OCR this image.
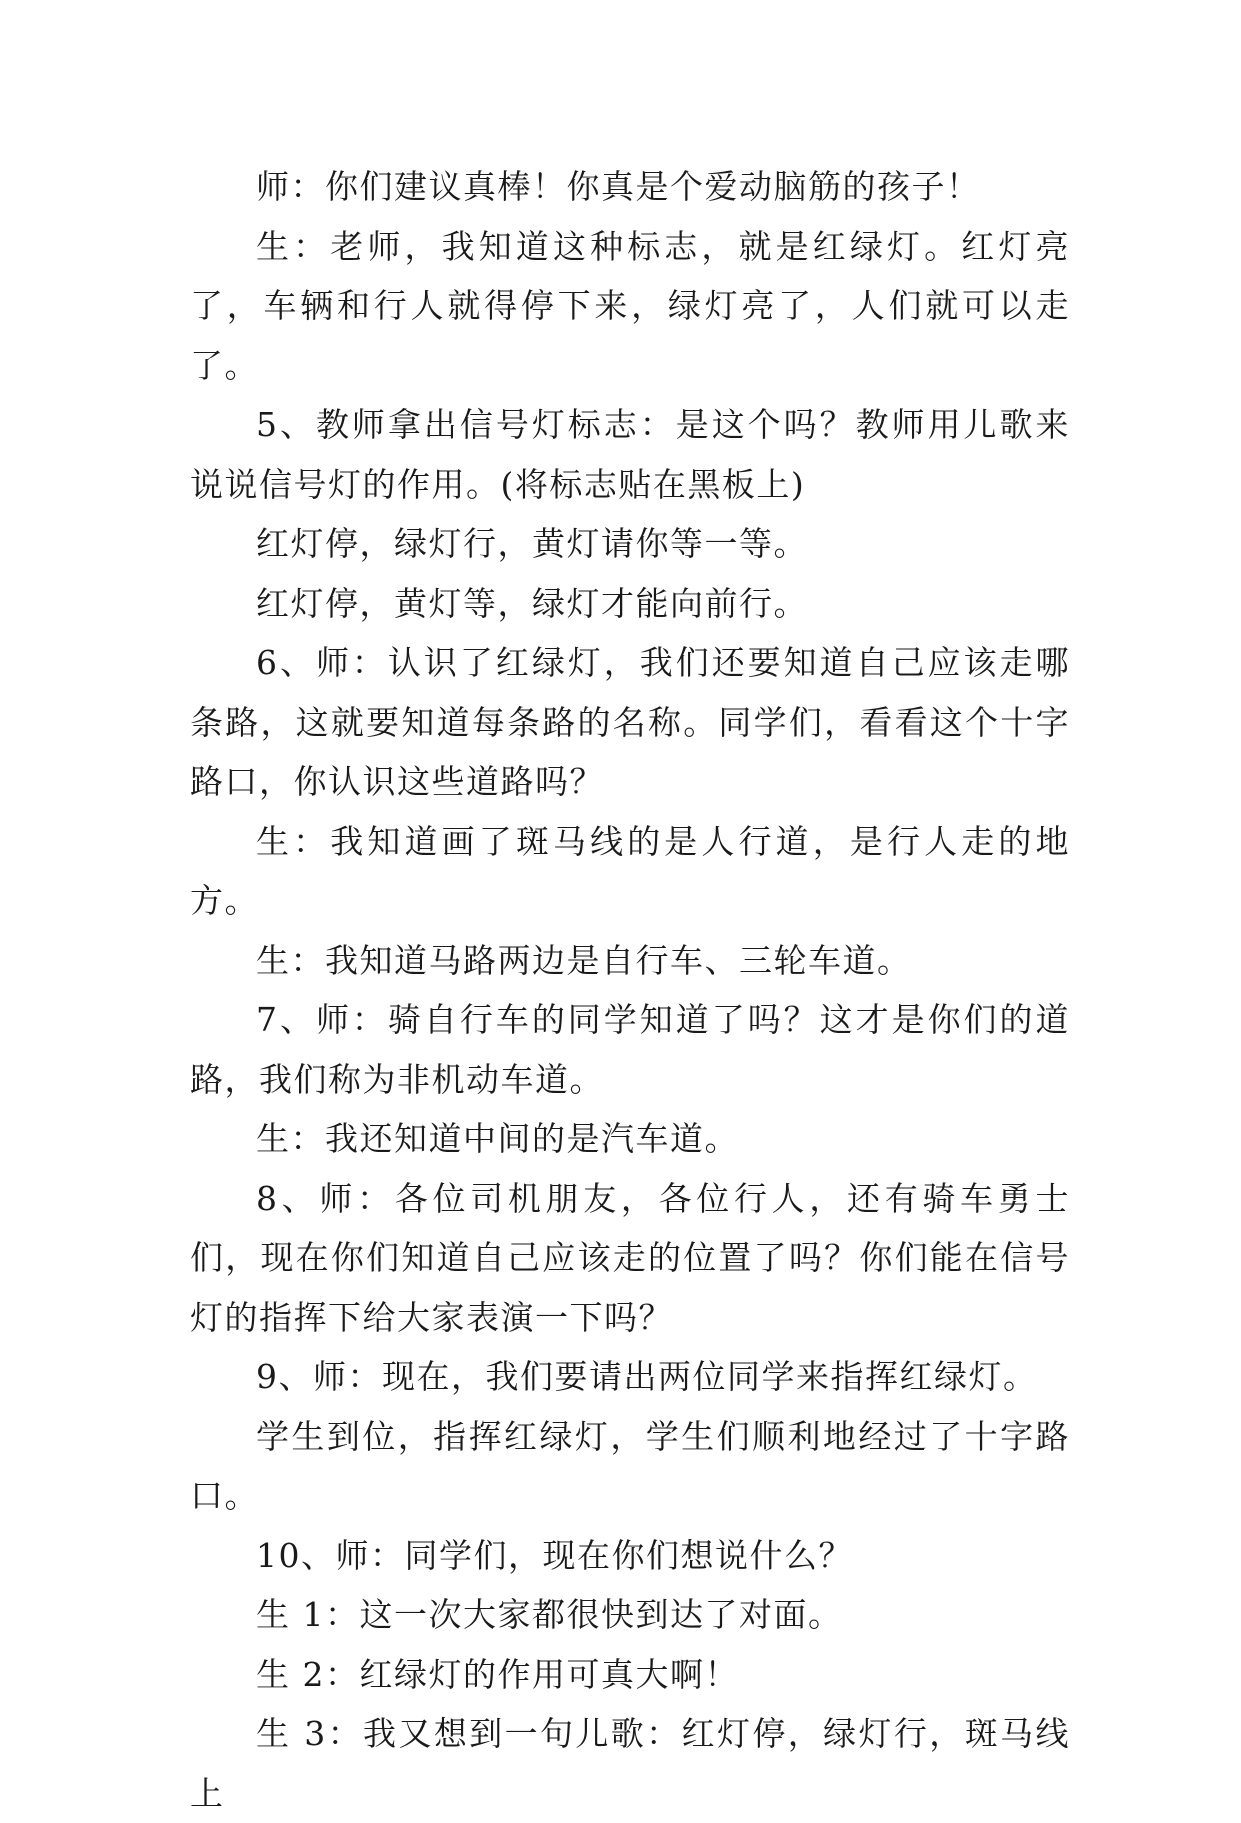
师：你们建议真棒！你真是个爱动脑筋的孩子！

生：老师，我知道这种标志，就是红绿灯。红灯亮了，车辆和行人就得停下来，绿灯亮了，人们就可以走了。

5、教师拿出信号灯标志：是这个吗？教师用儿歌来说说信号灯的作用。(将标志贴在黑板上)

红灯停，绿灯行，黄灯请你等一等。

红灯停，黄灯等，绿灯才能向前行。

6、师：认识了红绿灯，我们还要知道自己应该走哪条路，这就要知道每条路的名称。同学们，看看这个十字路口，你认识这些道路吗？

生：我知道画了斑马线的是人行道，是行人走的地方。

生：我知道马路两边是自行车、三轮车道。

7、师：骑自行车的同学知道了吗？这才是你们的道路，我们称为非机动车道。

生：我还知道中间的是汽车道。

8、师：各位司机朋友，各位行人，还有骑车勇士们，现在你们知道自己应该走的位置了吗？你们能在信号灯的指挥下给大家表演一下吗？

9、师：现在，我们要请出两位同学来指挥红绿灯。

学生到位，指挥红绿灯，学生们顺利地经过了十字路口。

10、师：同学们，现在你们想说什么？

生 1：这一次大家都很快到达了对面。

生 2：红绿灯的作用可真大啊！

生 3：我又想到一句儿歌：红灯停，绿灯行，斑马线上
